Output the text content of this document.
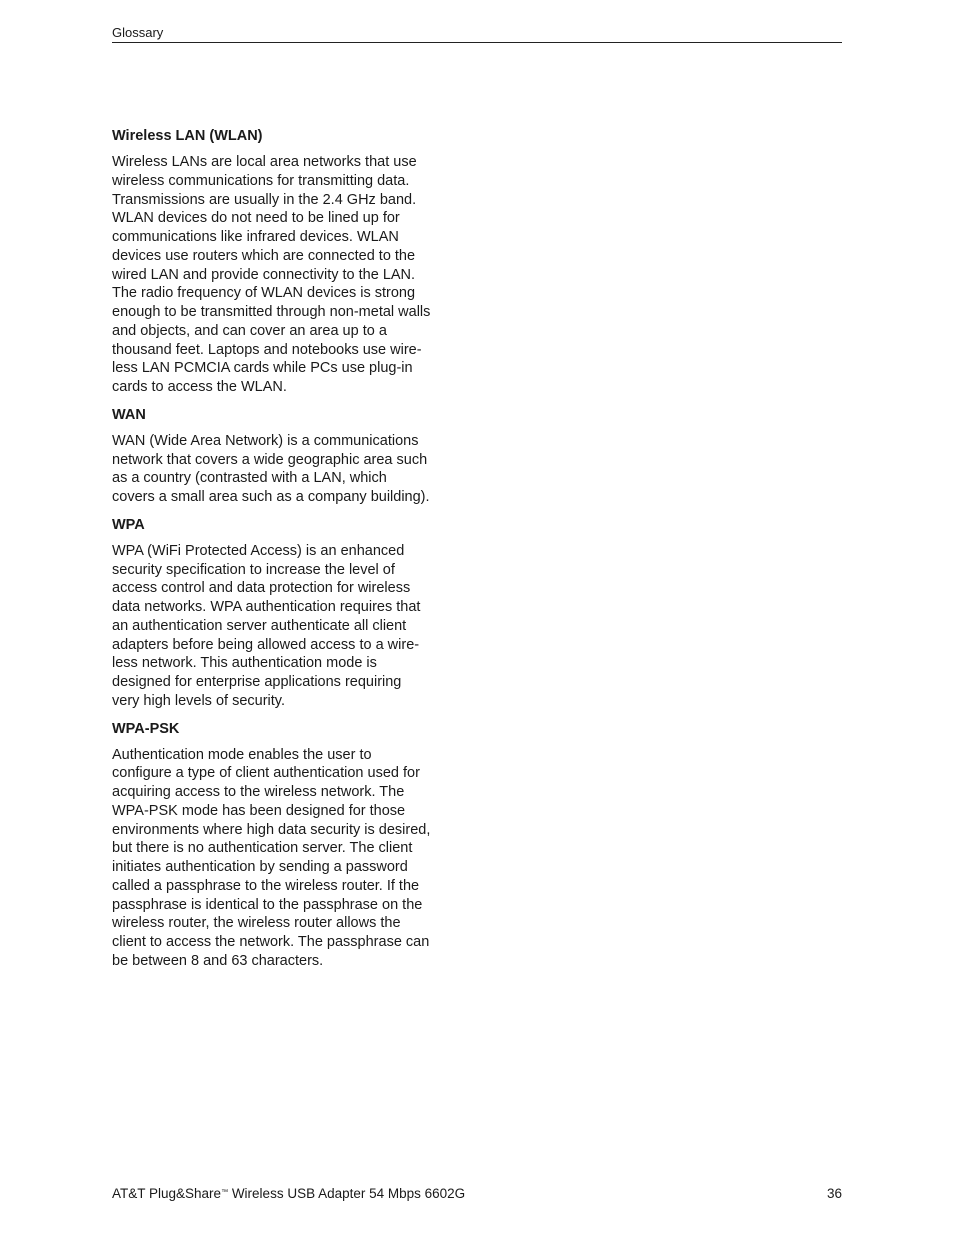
Glossary
Wireless LAN (WLAN)
Wireless LANs are local area networks that use
wireless communications for transmitting data.
Transmissions are usually in the 2.4 GHz band.
WLAN devices do not need to be lined up for
communications like infrared devices. WLAN
devices use routers which are connected to the
wired LAN and provide connectivity to the LAN.
The radio frequency of WLAN devices is strong
enough to be transmitted through non-metal walls
and objects, and can cover an area up to a
thousand feet. Laptops and notebooks use wire-
less LAN PCMCIA cards while PCs use plug-in
cards to access the WLAN.
WAN
WAN (Wide Area Network) is a communications
network that covers a wide geographic area such
as a country (contrasted with a LAN, which
covers a small area such as a company building).
WPA
WPA (WiFi Protected Access) is an enhanced
security specification to increase the level of
access control and data protection for wireless
data networks. WPA authentication requires that
an authentication server authenticate all client
adapters before being allowed access to a wire-
less network. This authentication mode is
designed for enterprise applications requiring
very high levels of security.
WPA-PSK
Authentication mode enables the user to
configure a type of client authentication used for
acquiring access to the wireless network. The
WPA-PSK mode has been designed for those
environments where high data security is desired,
but there is no authentication server. The client
initiates authentication by sending a password
called a passphrase to the wireless router. If the
passphrase is identical to the passphrase on the
wireless router, the wireless router allows the
client to access the network. The passphrase can
be between 8 and 63 characters.
AT&T Plug&Share™ Wireless USB Adapter 54 Mbps 6602G	36
